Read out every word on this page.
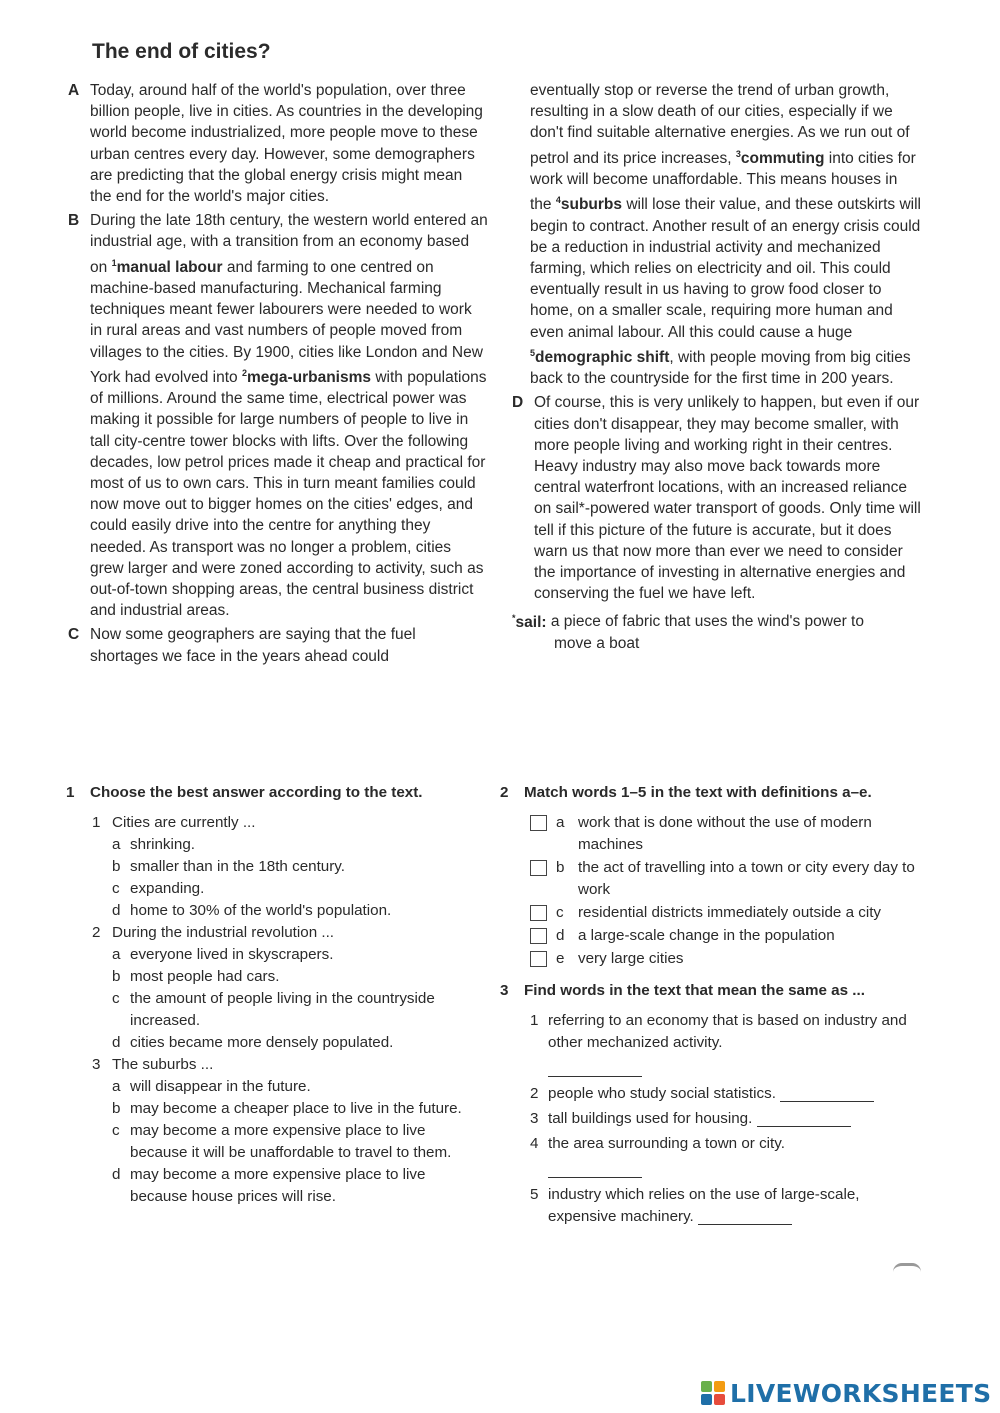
The end of cities?

A Today, around half of the world's population, over three billion people, live in cities. As countries in the developing world become industrialized, more people move to these urban centres every day. However, some demographers are predicting that the global energy crisis might mean the end for the world's major cities.

B During the late 18th century, the western world entered an industrial age, with a transition from an economy based on $^1$manual labour and farming to one centred on machine-based manufacturing. Mechanical farming techniques meant fewer labourers were needed to work in rural areas and vast numbers of people moved from villages to the cities. By 1900, cities like London and New York had evolved into $^2$mega-urbanisms with populations of millions. Around the same time, electrical power was making it possible for large numbers of people to live in tall city-centre tower blocks with lifts. Over the following decades, low petrol prices made it cheap and practical for most of us to own cars. This in turn meant families could now move out to bigger homes on the cities' edges, and could easily drive into the centre for anything they needed. As transport was no longer a problem, cities grew larger and were zoned according to activity, such as out-of-town shopping areas, the central business district and industrial areas.

C Now some geographers are saying that the fuel shortages we face in the years ahead could

eventually stop or reverse the trend of urban growth, resulting in a slow death of our cities, especially if we don't find suitable alternative energies. As we run out of petrol and its price increases, $^3$commuting into cities for work will become unaffordable. This means houses in the $^4$suburbs will lose their value, and these outskirts will begin to contract. Another result of an energy crisis could be a reduction in industrial activity and mechanized farming, which relies on electricity and oil. This could eventually result in us having to grow food closer to home, on a smaller scale, requiring more human and even animal labour. All this could cause a huge $^5$demographic shift, with people moving from big cities back to the countryside for the first time in 200 years.

D Of course, this is very unlikely to happen, but even if our cities don't disappear, they may become smaller, with more people living and working right in their centres. Heavy industry may also move back towards more central waterfront locations, with an increased reliance on sail*-powered water transport of goods. Only time will tell if this picture of the future is accurate, but it does warn us that now more than ever we need to consider the importance of investing in alternative energies and conserving the fuel we have left.

*sail: a piece of fabric that uses the wind's power to
move a boat
1 Choose the best answer according to the text.
1 Cities are currently ...
a shrinking.
b smaller than in the 18th century.
c expanding.
d home to 30% of the world's population.
2 During the industrial revolution ...
a everyone lived in skyscrapers.
b most people had cars.
c the amount of people living in the countryside increased.
d cities became more densely populated.
3 The suburbs ...
a will disappear in the future.
b may become a cheaper place to live in the future.
c may become a more expensive place to live because it will be unaffordable to travel to them.
d may become a more expensive place to live because house prices will rise.
2 Match words 1–5 in the text with definitions a–e.
a work that is done without the use of modern machines
b the act of travelling into a town or city every day to work
c residential districts immediately outside a city
d a large-scale change in the population
e very large cities
3 Find words in the text that mean the same as ...
1 referring to an economy that is based on industry and other mechanized activity.
2 people who study social statistics.
3 tall buildings used for housing.
4 the area surrounding a town or city.
5 industry which relies on the use of large-scale, expensive machinery.
LIVEWORKSHEETS
